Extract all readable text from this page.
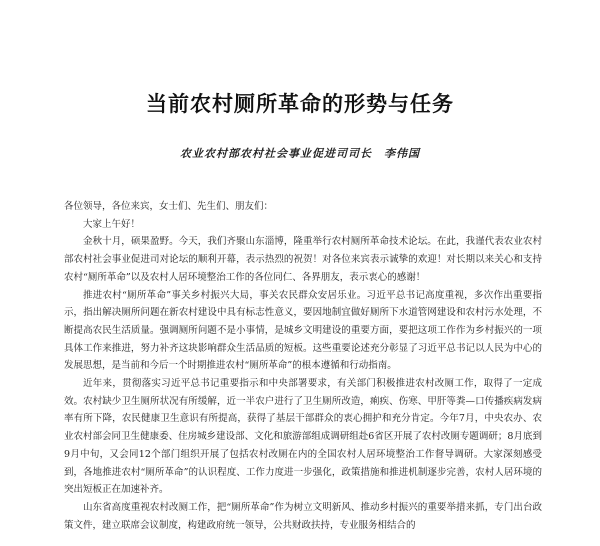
当前农村厕所革命的形势与任务
农业农村部农村社会事业促进司司长　李伟国

各位领导，各位来宾，女士们、先生们、朋友们：

大家上午好！

金秋十月，硕果盈野。今天，我们齐聚山东淄博，隆重举行农村厕所革命技术论坛。在此，我谨代表农业农村部农村社会事业促进司对论坛的顺利开幕，表示热烈的祝贺！对各位来宾表示诚挚的欢迎！对长期以来关心和支持农村“厕所革命”以及农村人居环境整治工作的各位同仁、各界朋友，表示衷心的感谢！

推进农村“厕所革命”事关乡村振兴大局，事关农民群众安居乐业。习近平总书记高度重视，多次作出重要指示，指出解决厕所问题在新农村建设中具有标志性意义，要因地制宜做好厕所下水道管网建设和农村污水处理，不断提高农民生活质量。强调厕所问题不是小事情，是城乡文明建设的重要方面，要把这项工作作为乡村振兴的一项具体工作来推进，努力补齐这块影响群众生活品质的短板。这些重要论述充分彰显了习近平总书记以人民为中心的发展思想，是当前和今后一个时期推进农村“厕所革命”的根本遵循和行动指南。

近年来，贯彻落实习近平总书记重要指示和中央部署要求，有关部门积极推进农村改厕工作，取得了一定成效。农村缺少卫生厕所状况有所缓解，近一半农户进行了卫生厕所改造，痢疾、伤寒、甲肝等粪—口传播疾病发病率有所下降，农民健康卫生意识有所提高，获得了基层干部群众的衷心拥护和充分肯定。今年7月，中央农办、农业农村部会同卫生健康委、住房城乡建设部、文化和旅游部组成调研组赴6省区开展了农村改厕专题调研；8月底到9月中旬，又会同12个部门组织开展了包括农村改厕在内的全国农村人居环境整治工作督导调研。大家深刻感受到，各地推进农村“厕所革命”的认识程度、工作力度进一步强化，政策措施和推进机制逐步完善，农村人居环境的突出短板正在加速补齐。

山东省高度重视农村改厕工作，把“厕所革命”作为树立文明新风、推动乡村振兴的重要举措来抓，专门出台政策文件，建立联席会议制度，构建政府统一领导，公共财政扶持，专业服务相结合的
